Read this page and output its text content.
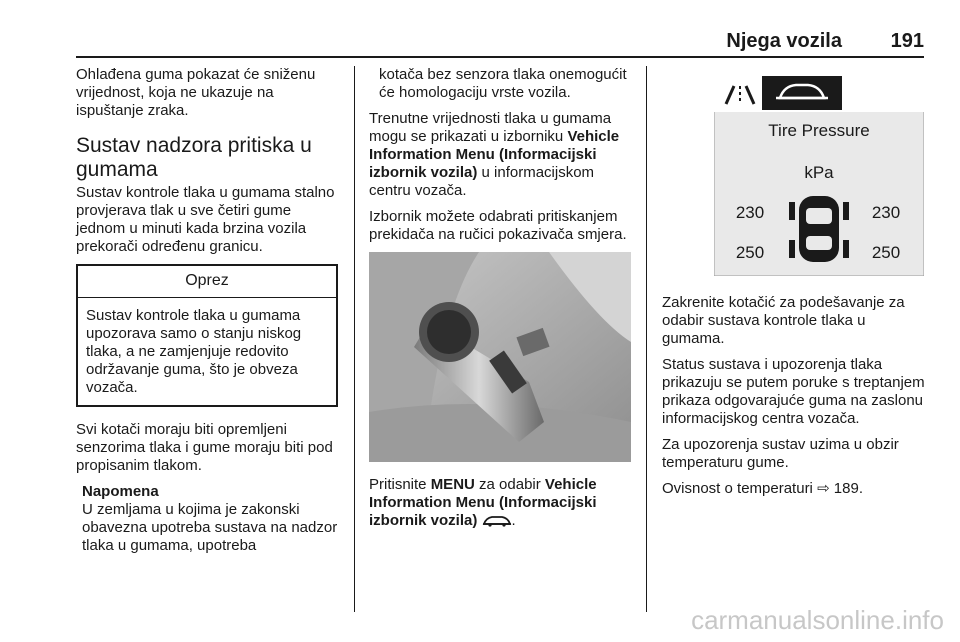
Njega vozila 191

Ohlađena guma pokazat će sniženu vrijednost, koja ne ukazuje na ispuštanje zraka.

Sustav nadzora pritiska u gumama

Sustav kontrole tlaka u gumama stalno provjerava tlak u sve četiri gume jednom u minuti kada brzina vozila prekorači određenu granicu.

Oprez
Sustav kontrole tlaka u gumama upozorava samo o stanju niskog tlaka, a ne zamjenjuje redovito održavanje guma, što je obveza vozača.

Svi kotači moraju biti opremljeni senzorima tlaka i gume moraju biti pod propisanim tlakom.

Napomena
U zemljama u kojima je zakonski obavezna upotreba sustava na nadzor tlaka u gumama, upotreba

kotača bez senzora tlaka onemogućit će homologaciju vrste vozila.

Trenutne vrijednosti tlaka u gumama mogu se prikazati u izborniku Vehicle Information Menu (Informacijski izbornik vozila) u informacijskom centru vozača.

Izbornik možete odabrati pritiskanjem prekidača na ručici pokazivača smjera.

Pritisnite MENU za odabir Vehicle Information Menu (Informacijski izbornik vozila) .

Tire Pressure
kPa
230	230
250	250

Zakrenite kotačić za podešavanje za odabir sustava kontrole tlaka u gumama.

Status sustava i upozorenja tlaka prikazuju se putem poruke s treptanjem prikaza odgovarajuće guma na zaslonu informacijskog centra vozača.

Za upozorenja sustav uzima u obzir temperaturu gume.

Ovisnost o temperaturi ⇨ 189.

carmanualsonline.info
